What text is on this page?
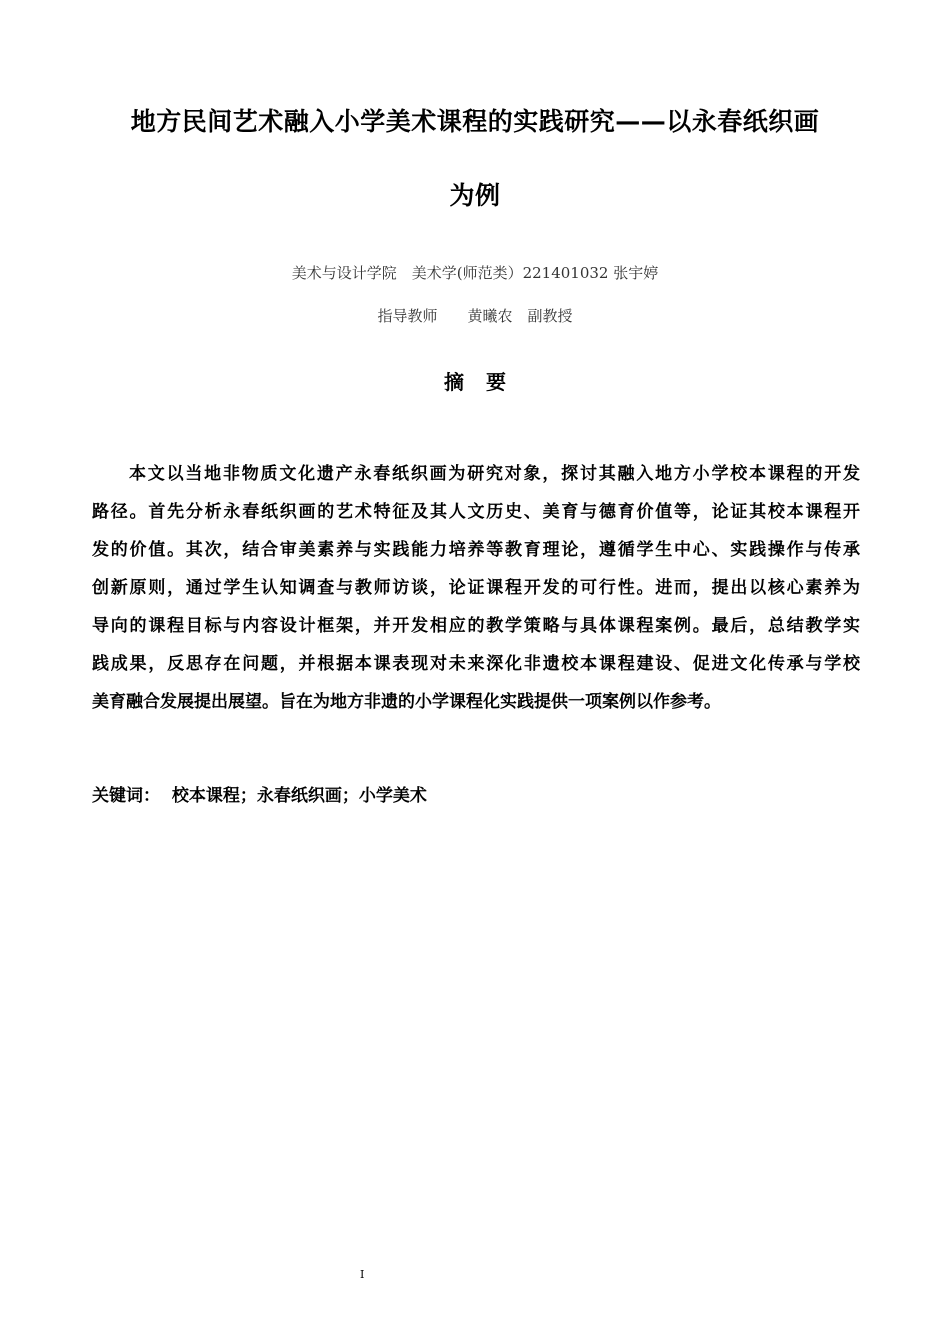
地方民间艺术融入小学美术课程的实践研究——以永春纸织画
为例
美术与设计学院　美术学(师范类）221401032 张宇婷
指导教师　　黄曦农　副教授
摘要
本文以当地非物质文化遗产永春纸织画为研究对象，探讨其融入地方小学校本课程的开发
路径。首先分析永春纸织画的艺术特征及其人文历史、美育与德育价值等，论证其校本课程开
发的价值。其次，结合审美素养与实践能力培养等教育理论，遵循学生中心、实践操作与传承
创新原则，通过学生认知调查与教师访谈，论证课程开发的可行性。进而，提出以核心素养为
导向的课程目标与内容设计框架，并开发相应的教学策略与具体课程案例。最后，总结教学实
践成果，反思存在问题，并根据本课表现对未来深化非遗校本课程建设、促进文化传承与学校
美育融合发展提出展望。旨在为地方非遗的小学课程化实践提供一项案例以作参考。
关键词： 校本课程；永春纸织画；小学美术
I
